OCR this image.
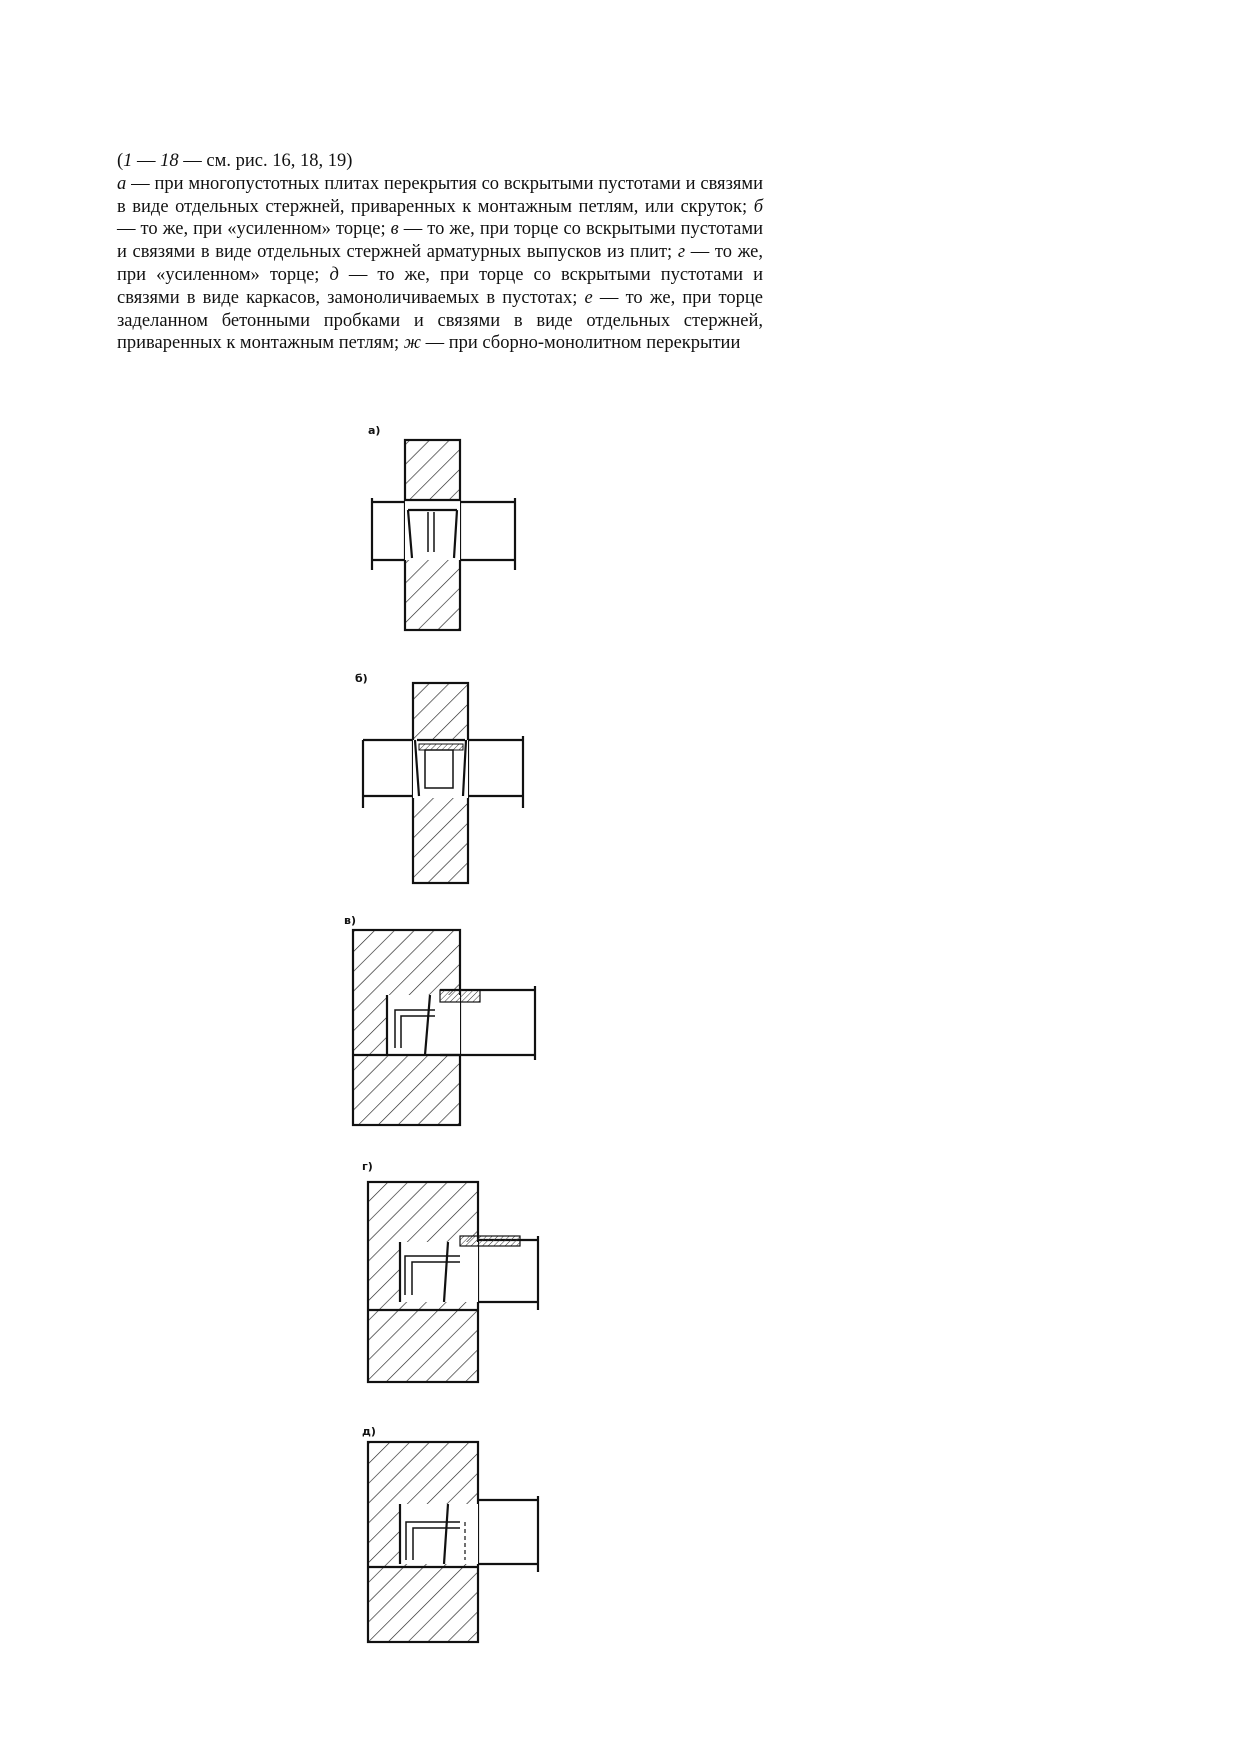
(1 — 18 — см. рис. 16, 18, 19)

а — при многопустотных плитах перекрытия со вскрытыми пустотами и связями в виде отдельных стержней, приваренных к монтажным петлям, или скруток; б — то же, при «усиленном» торце; в — то же, при торце со вскрытыми пустотами и связями в виде отдельных стержней арматурных выпусков из плит; г — то же, при «усиленном» торце; д — то же, при торце со вскрытыми пустотами и связями в виде каркасов, замоноличиваемых в пустотах; е — то же, при торце заделанном бетонными пробками и связями в виде отдельных стержней, приваренных к монтажным петлям; ж — при сборно-монолитном перекрытии

а)
б)
в)
г)
д)
